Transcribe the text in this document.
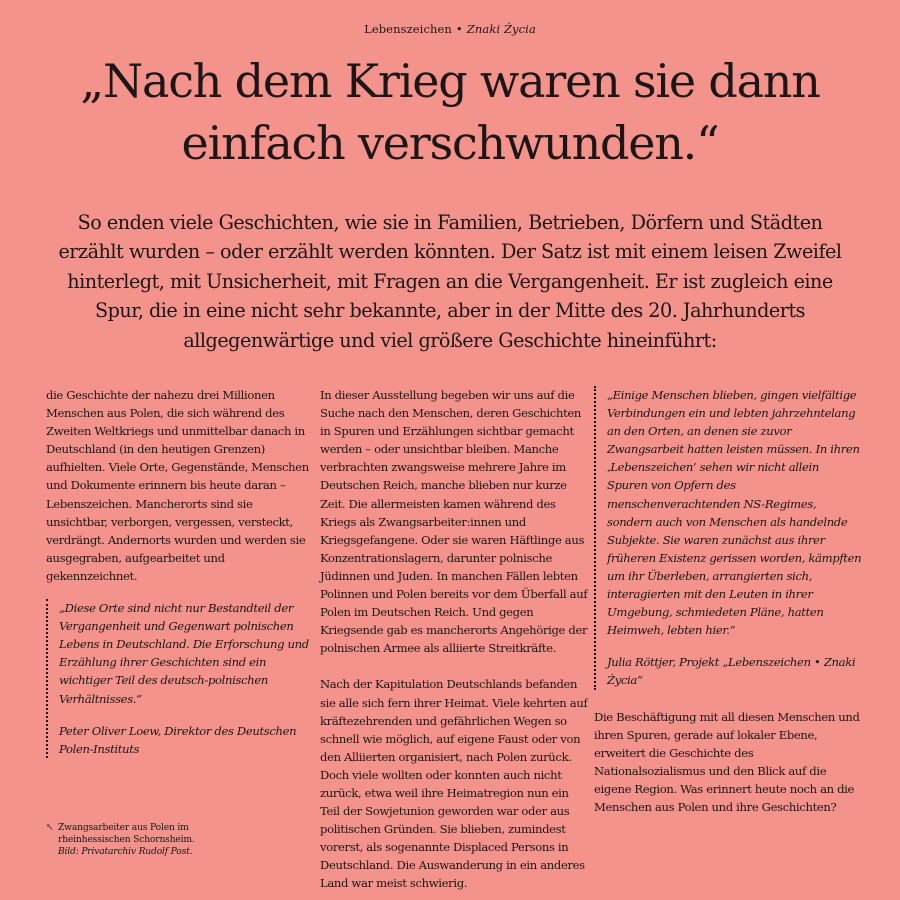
Lebenszeichen • Znaki Życia
„Nach dem Krieg waren sie dann einfach verschwunden.“

So enden viele Geschichten, wie sie in Familien, Betrieben, Dörfern und Städten erzählt wurden – oder erzählt werden könnten. Der Satz ist mit einem leisen Zweifel hinterlegt, mit Unsicherheit, mit Fragen an die Vergangenheit. Er ist zugleich eine Spur, die in eine nicht sehr bekannte, aber in der Mitte des 20. Jahrhunderts allgegenwärtige und viel größere Geschichte hineinführt:

die Geschichte der nahezu drei Millionen Menschen aus Polen, die sich während des Zweiten Weltkriegs und unmittelbar danach in Deutschland (in den heutigen Grenzen) aufhielten. Viele Orte, Gegenstände, Menschen und Dokumente erinnern bis heute daran – Lebenszeichen. Mancherorts sind sie unsichtbar, verborgen, vergessen, versteckt, verdrängt. Andernorts wurden und werden sie ausgegraben, aufgearbeitet und gekennzeichnet.

„Diese Orte sind nicht nur Bestandteil der Vergangenheit und Gegenwart polnischen Lebens in Deutschland. Die Erforschung und Erzählung ihrer Geschichten sind ein wichtiger Teil des deutsch-polnischen Verhältnisses.“

Peter Oliver Loew, Direktor des Deutschen Polen-Instituts

In dieser Ausstellung begeben wir uns auf die Suche nach den Menschen, deren Geschichten in Spuren und Erzählungen sichtbar gemacht werden – oder unsichtbar bleiben. Manche verbrachten zwangsweise mehrere Jahre im Deutschen Reich, manche blieben nur kurze Zeit. Die allermeisten kamen während des Kriegs als Zwangsarbeiter:innen und Kriegsgefangene. Oder sie waren Häftlinge aus Konzentrationslagern, darunter polnische Jüdinnen und Juden. In manchen Fällen lebten Polinnen und Polen bereits vor dem Überfall auf Polen im Deutschen Reich. Und gegen Kriegsende gab es mancherorts Angehörige der polnischen Armee als alliierte Streitkräfte.

Nach der Kapitulation Deutschlands befanden sie alle sich fern ihrer Heimat. Viele kehrten auf kräftezehrenden und gefährlichen Wegen so schnell wie möglich, auf eigene Faust oder von den Alliierten organisiert, nach Polen zurück. Doch viele wollten oder konnten auch nicht zurück, etwa weil ihre Heimatregion nun ein Teil der Sowjetunion geworden war oder aus politischen Gründen. Sie blieben, zumindest vorerst, als sogenannte Displaced Persons in Deutschland. Die Auswanderung in ein anderes Land war meist schwierig.

„Einige Menschen blieben, gingen vielfältige Verbindungen ein und lebten jahrzehntelang an den Orten, an denen sie zuvor Zwangsarbeit hatten leisten müssen. In ihren ‚Lebenszeichen‘ sehen wir nicht allein Spuren von Opfern des menschenverachtenden NS-Regimes, sondern auch von Menschen als handelnde Subjekte. Sie waren zunächst aus ihrer früheren Existenz gerissen worden, kämpften um ihr Überleben, arrangierten sich, interagierten mit den Leuten in ihrer Umgebung, schmiedeten Pläne, hatten Heimweh, lebten hier.“

Julia Röttjer, Projekt „Lebenszeichen • Znaki Życia“

Die Beschäftigung mit all diesen Menschen und ihren Spuren, gerade auf lokaler Ebene, erweitert die Geschichte des Nationalsozialismus und den Blick auf die eigene Region. Was erinnert heute noch an die Menschen aus Polen und ihre Geschichten?

↖ Zwangsarbeiter aus Polen im rheinhessischen Schornsheim.
Bild: Privatarchiv Rudolf Post.
